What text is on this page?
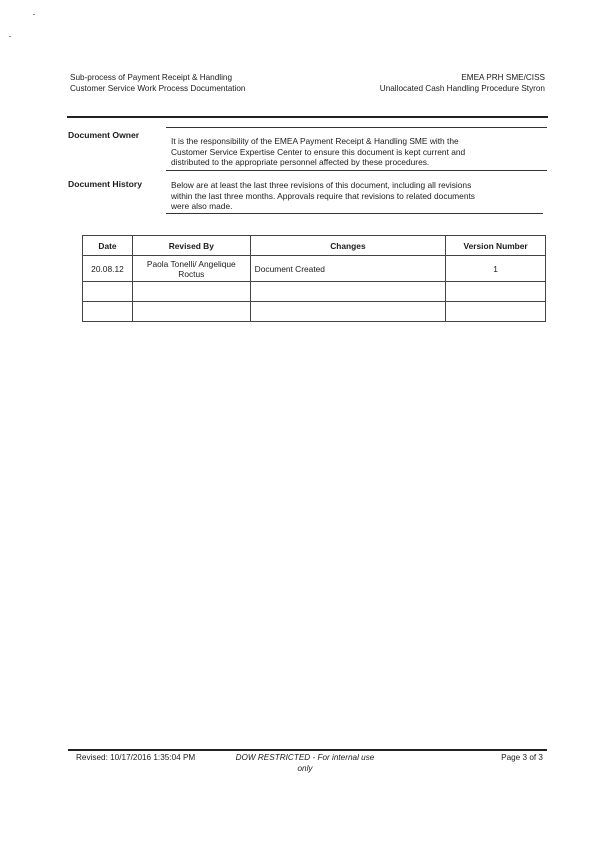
Sub-process of Payment Receipt & Handling
Customer Service Work Process Documentation
EMEA PRH SME/CISS
Unallocated Cash Handling Procedure Styron
Document Owner
It is the responsibility of the EMEA Payment Receipt & Handling SME with the
Customer Service Expertise Center to ensure this document is kept current and
distributed to the appropriate personnel affected by these procedures.
Document History	Below are at least the last three revisions of this document, including all revisions
within the last three months. Approvals require that revisions to related documents
were also made.
Date	Revised By	Changes	Version Number
20.08.12	Paola Tonelli/ Angelique Roctus	Document Created	1

Revised: 10/17/2016 1:35:04 PM	DOW RESTRICTED - For internal use
only
Page 3 of 3
